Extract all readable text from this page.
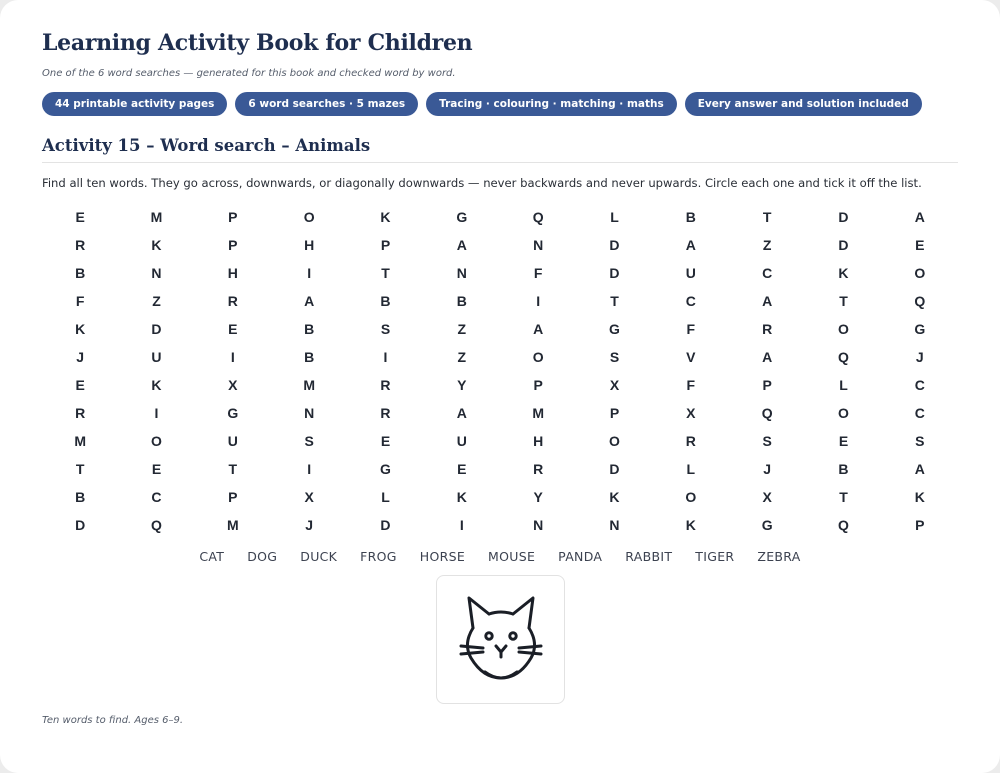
Learning Activity Book for Children
One of the 6 word searches — generated for this book and checked word by word.
44 printable activity pages	6 word searches · 5 mazes	Tracing · colouring · matching · maths	Every answer and solution included
Activity 15 – Word search – Animals
Find all ten words. They go across, downwards, or diagonally downwards — never backwards and never upwards. Circle each one and tick it off the list.
E	M	P	O	K	G	Q	L	B	T	D	A
R	K	P	H	P	A	N	D	A	Z	D	E
B	N	H	I	T	N	F	D	U	C	K	O
F	Z	R	A	B	B	I	T	C	A	T	Q
K	D	E	B	S	Z	A	G	F	R	O	G
J	U	I	B	I	Z	O	S	V	A	Q	J
E	K	X	M	R	Y	P	X	F	P	L	C
R	I	G	N	R	A	M	P	X	Q	O	C
M	O	U	S	E	U	H	O	R	S	E	S
T	E	T	I	G	E	R	D	L	J	B	A
B	C	P	X	L	K	Y	K	O	X	T	K
D	Q	M	J	D	I	N	N	K	G	Q	P
CAT DOG DUCK FROG HORSE MOUSE PANDA RABBIT TIGER ZEBRA
Ten words to find. Ages 6–9.
